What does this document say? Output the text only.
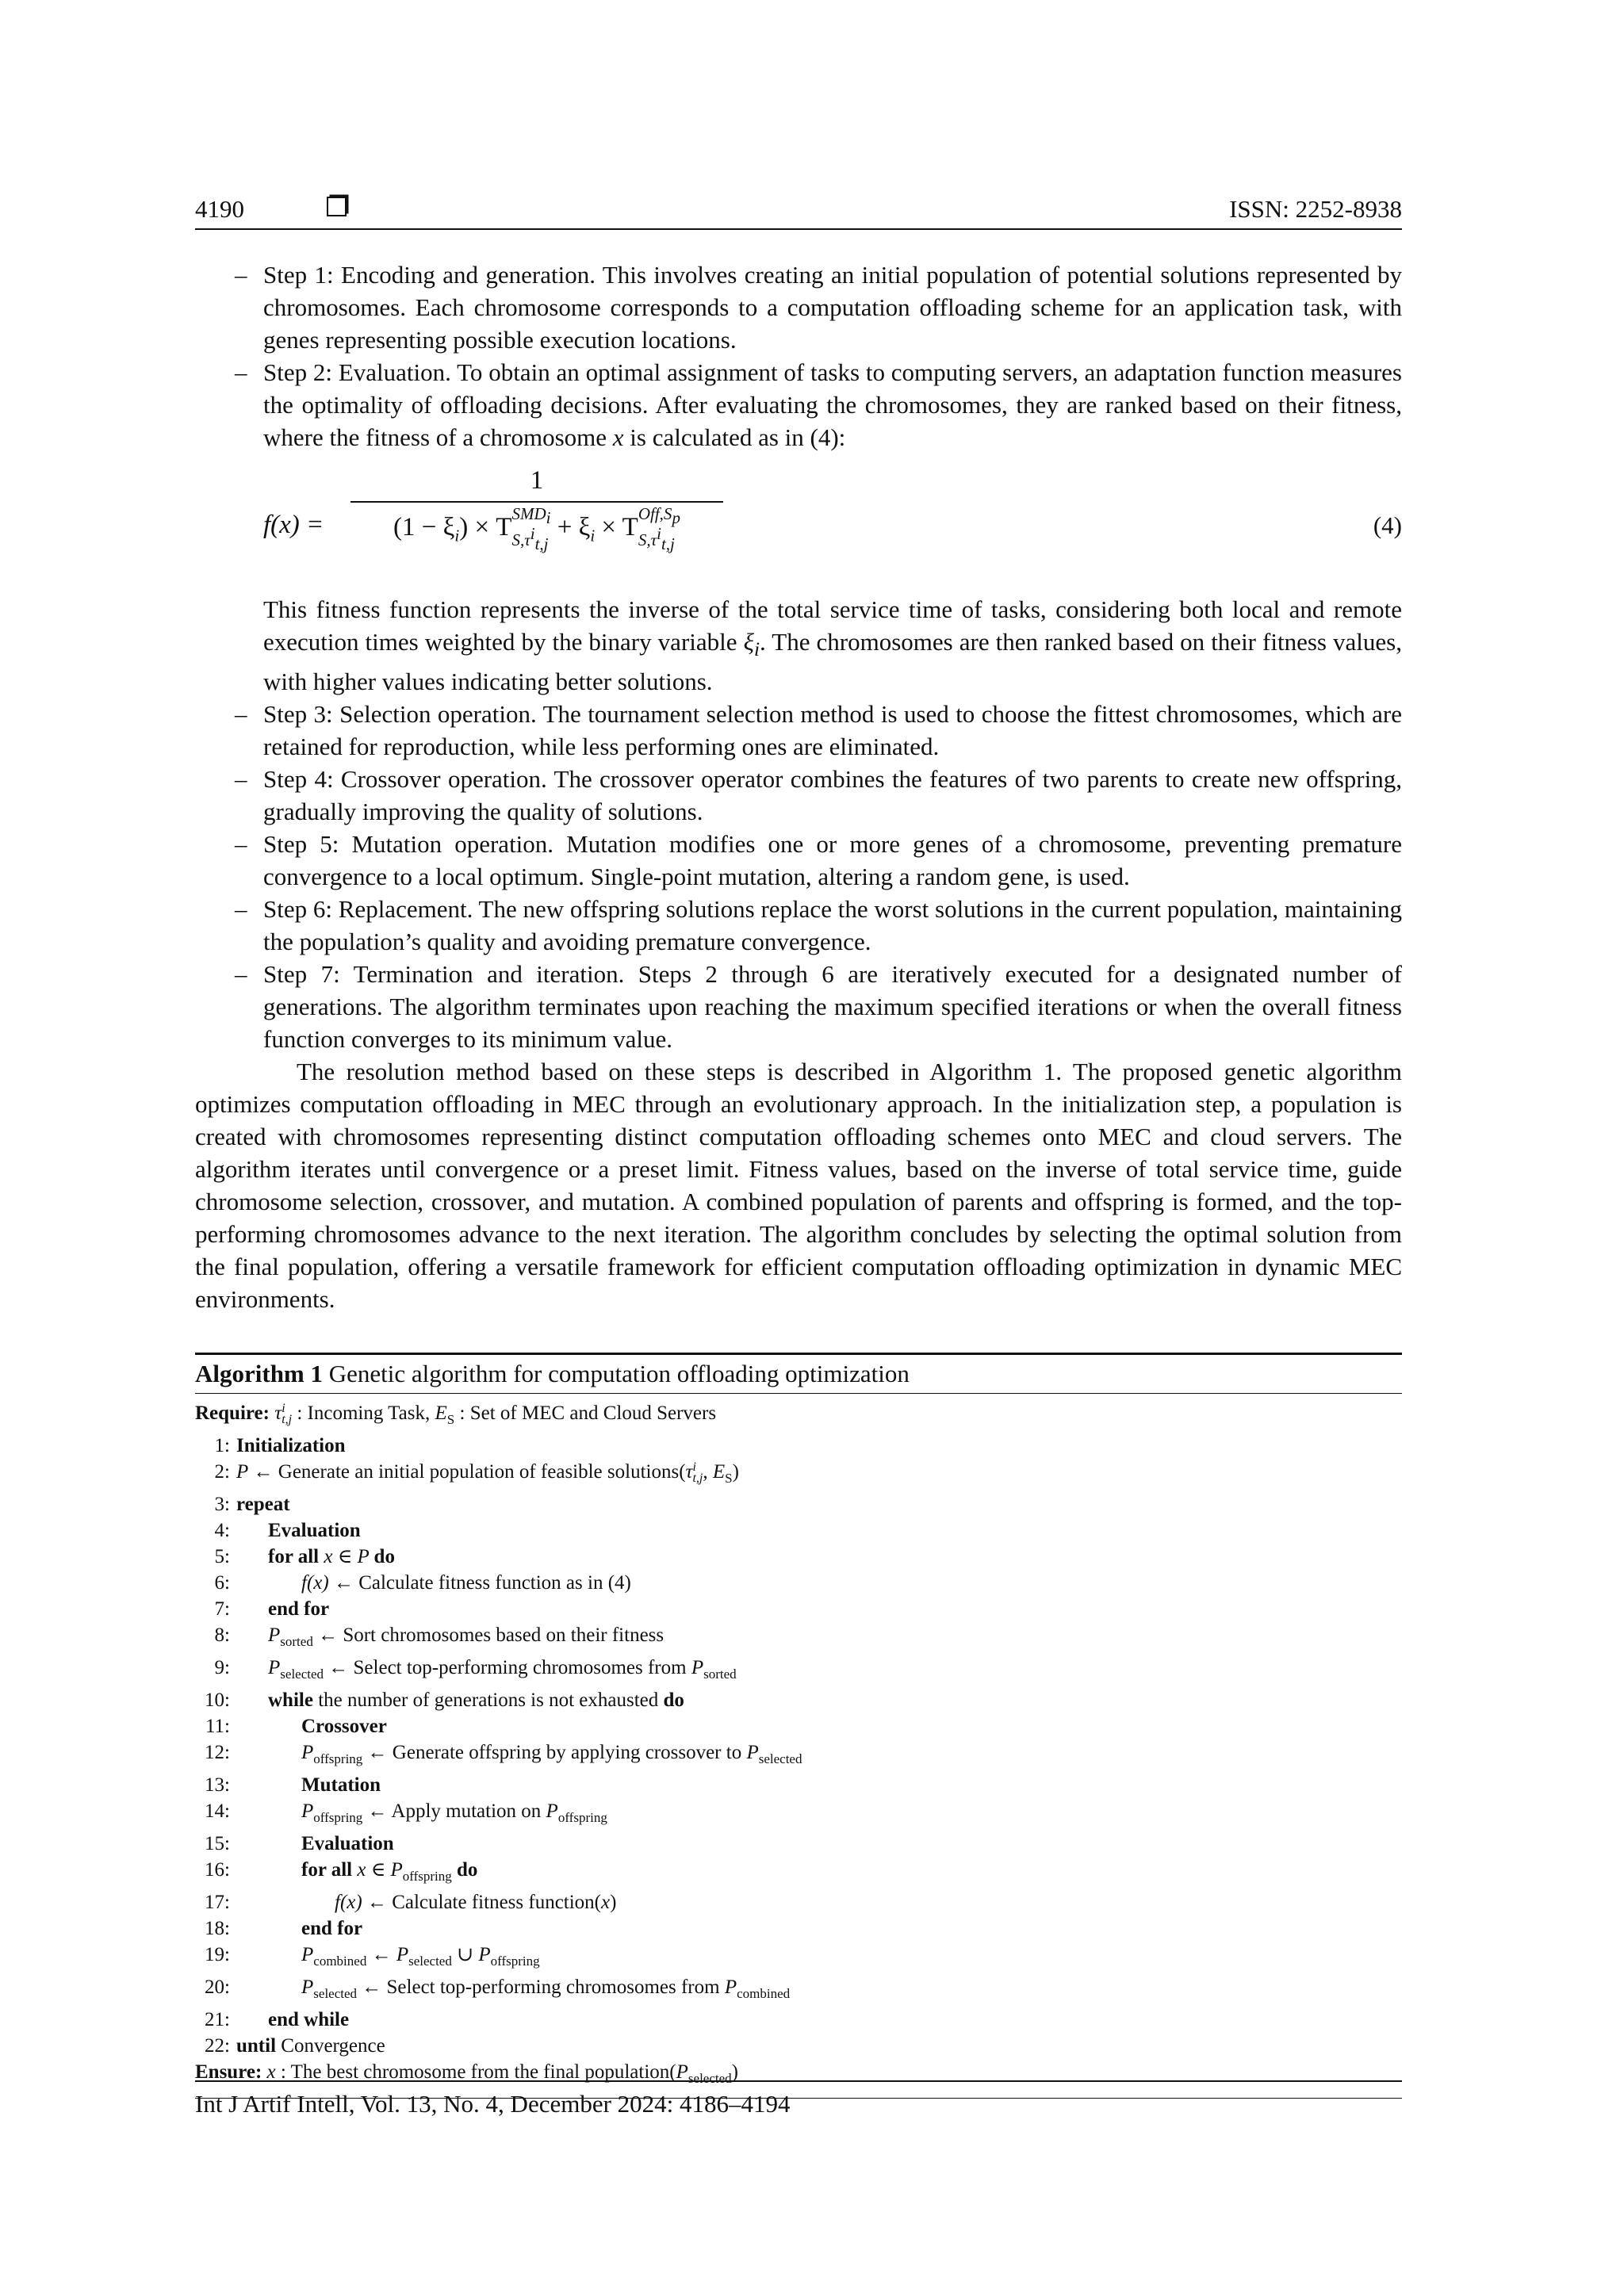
4190	ISSN: 2252-8938
– Step 1: Encoding and generation. This involves creating an initial population of potential solutions represented by chromosomes. Each chromosome corresponds to a computation offloading scheme for an application task, with genes representing possible execution locations.
– Step 2: Evaluation. To obtain an optimal assignment of tasks to computing servers, an adaptation function measures the optimality of offloading decisions. After evaluating the chromosomes, they are ranked based on their fitness, where the fitness of a chromosome x is calculated as in (4):
f(x) =
1
$(1 - \xi_i) \times T$ $SMD_i$
$S,\tau^i_{t,j}$
+ $\xi_i \times T$ $Off,S_p$
$S,\tau^i_{t,j}$
(4)
This fitness function represents the inverse of the total service time of tasks, considering both local and remote execution times weighted by the binary variable $\xi_i$. The chromosomes are then ranked based on their fitness values, with higher values indicating better solutions.
– Step 3: Selection operation. The tournament selection method is used to choose the fittest chromosomes, which are retained for reproduction, while less performing ones are eliminated.
– Step 4: Crossover operation. The crossover operator combines the features of two parents to create new offspring, gradually improving the quality of solutions.
– Step 5: Mutation operation. Mutation modifies one or more genes of a chromosome, preventing premature convergence to a local optimum. Single-point mutation, altering a random gene, is used.
– Step 6: Replacement. The new offspring solutions replace the worst solutions in the current population, maintaining the population’s quality and avoiding premature convergence.
– Step 7: Termination and iteration. Steps 2 through 6 are iteratively executed for a designated number of generations. The algorithm terminates upon reaching the maximum specified iterations or when the overall fitness function converges to its minimum value.

The resolution method based on these steps is described in Algorithm 1. The proposed genetic algorithm optimizes computation offloading in MEC through an evolutionary approach. In the initialization step, a population is created with chromosomes representing distinct computation offloading schemes onto MEC and cloud servers. The algorithm iterates until convergence or a preset limit. Fitness values, based on the inverse of total service time, guide chromosome selection, crossover, and mutation. A combined population of parents and offspring is formed, and the top-performing chromosomes advance to the next iteration. The algorithm concludes by selecting the optimal solution from the final population, offering a versatile framework for efficient computation offloading optimization in dynamic MEC environments.

Algorithm 1 Genetic algorithm for computation offloading optimization
Require: τ i
t,j : Incoming Task, $E_S$ : Set of MEC and Cloud Servers
1: Initialization
2: P ← Generate an initial population of feasible solutions(τ i
t,j , $E_S$)
3: repeat
4: Evaluation
5: for all x ∈ P do
6:	f(x) ← Calculate fitness function as in (4)
7: end for
8: $P_{sorted}$ ← Sort chromosomes based on their fitness
9: $P_{selected}$ ← Select top-performing chromosomes from $P_{sorted}$
10: while the number of generations is not exhausted do
11:	Crossover
12:	$P_{offspring}$ ← Generate offspring by applying crossover to $P_{selected}$
13:	Mutation
14:	$P_{offspring}$ ← Apply mutation on $P_{offspring}$
15:	Evaluation
16:	for all x ∈ $P_{offspring}$ do
17:	f(x) ← Calculate fitness function(x)
18:	end for
19:	$P_{combined}$ ← $P_{selected}$ ∪ $P_{offspring}$
20:	$P_{selected}$ ← Select top-performing chromosomes from $P_{combined}$
21: end while
22: until Convergence
Ensure: x : The best chromosome from the final $population(P_{selected})$
Int J Artif Intell, Vol. 13, No. 4, December 2024: 4186–4194
